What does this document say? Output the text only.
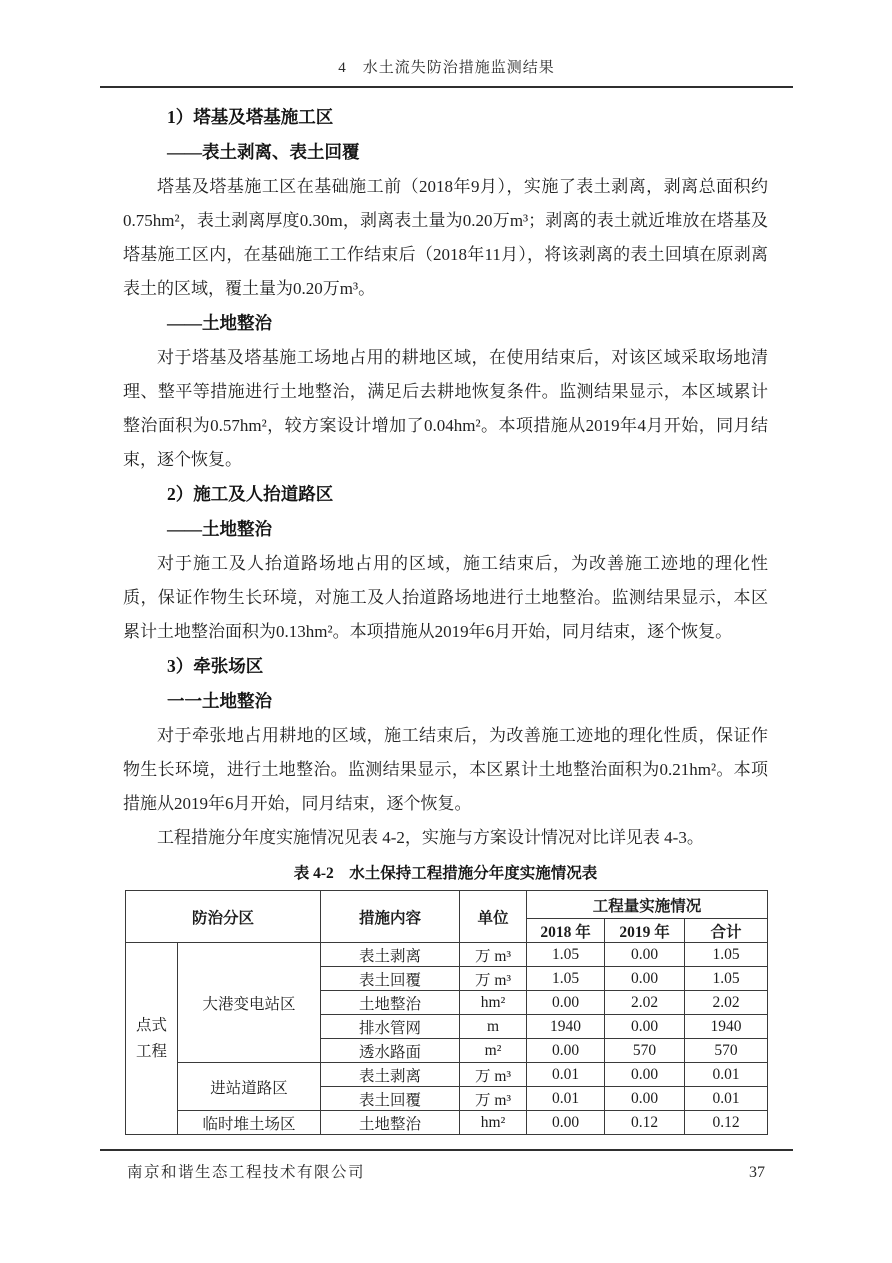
4　水土流失防治措施监测结果
1）塔基及塔基施工区
——表土剥离、表土回覆

塔基及塔基施工区在基础施工前（2018年9月），实施了表土剥离，剥离总面积约0.75hm²，表土剥离厚度0.30m，剥离表土量为0.20万m³；剥离的表土就近堆放在塔基及塔基施工区内，在基础施工工作结束后（2018年11月），将该剥离的表土回填在原剥离表土的区域，覆土量为0.20万m³。

——土地整治

对于塔基及塔基施工场地占用的耕地区域，在使用结束后，对该区域采取场地清理、整平等措施进行土地整治，满足后去耕地恢复条件。监测结果显示，本区域累计整治面积为0.57hm²，较方案设计增加了0.04hm²。本项措施从2019年4月开始，同月结束，逐个恢复。

2）施工及人抬道路区
——土地整治

对于施工及人抬道路场地占用的区域，施工结束后，为改善施工迹地的理化性质，保证作物生长环境，对施工及人抬道路场地进行土地整治。监测结果显示，本区累计土地整治面积为0.13hm²。本项措施从2019年6月开始，同月结束，逐个恢复。

3）牵张场区
一一土地整治

对于牵张地占用耕地的区域，施工结束后，为改善施工迹地的理化性质，保证作物生长环境，进行土地整治。监测结果显示，本区累计土地整治面积为0.21hm²。本项措施从2019年6月开始，同月结束，逐个恢复。

工程措施分年度实施情况见表 4-2，实施与方案设计情况对比详见表 4-3。

表 4-2　水土保持工程措施分年度实施情况表
防治分区		措施内容	单位	工程量实施情况		
				2018 年	2019 年	合计
点式工程	大港变电站区	表土剥离	万 m³	1.05	0.00	1.05
		表土回覆	万 m³	1.05	0.00	1.05
		土地整治	hm²	0.00	2.02	2.02
		排水管网	m	1940	0.00	1940
		透水路面	m²	0.00	570	570
	进站道路区	表土剥离	万 m³	0.01	0.00	0.01
		表土回覆	万 m³	0.01	0.00	0.01
	临时堆土场区	土地整治	hm²	0.00	0.12	0.12
南京和谐生态工程技术有限公司	37
